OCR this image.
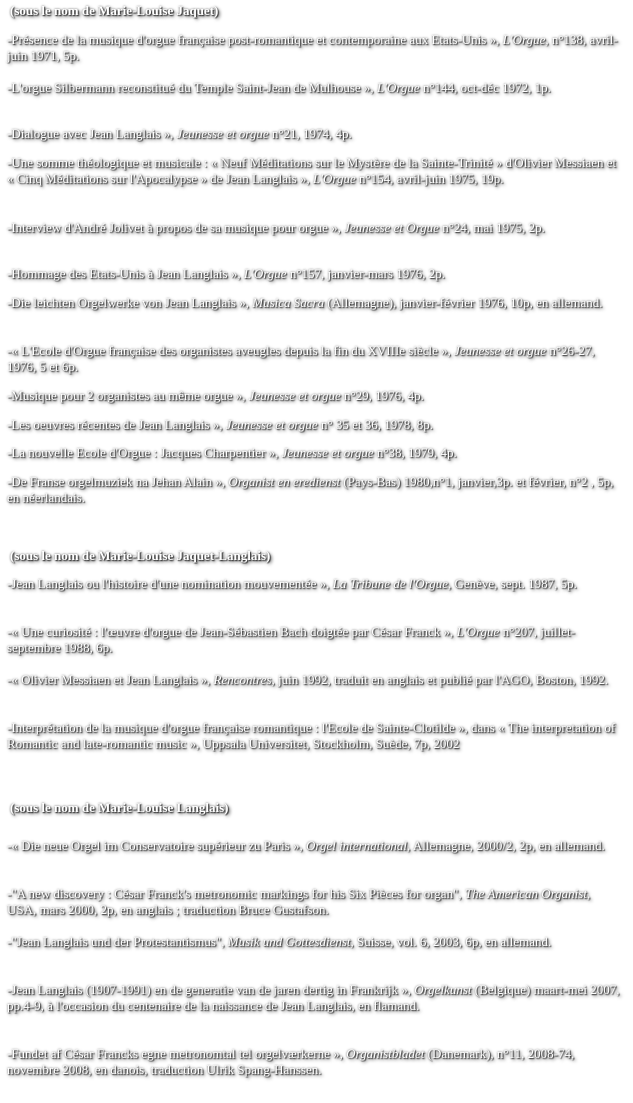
(sous le nom de Marie-Louise Jaquet)

-Présence de la musique d'orgue française post-romantique et contemporaine aux Etats-Unis », L'Orgue, n°138, avril-juin 1971, 5p.

-L'orgue Silbermann reconstitué du Temple Saint-Jean de Mulhouse », L'Orgue n°144, oct-déc 1972, 1p.

-Dialogue avec Jean Langlais », Jeunesse et orgue n°21, 1974, 4p.

-Une somme théologique et musicale : « Neuf Méditations sur le Mystère de la Sainte-Trinité » d'Olivier Messiaen et « Cinq Méditations sur l'Apocalypse » de Jean Langlais », L'Orgue n°154, avril-juin 1975, 19p.

-Interview d'André Jolivet à propos de sa musique pour orgue », Jeunesse et Orgue n°24, mai 1975, 2p.

-Hommage des Etats-Unis à Jean Langlais », L'Orgue n°157, janvier-mars 1976, 2p.

-Die leichten Orgelwerke von Jean Langlais », Musica Sacra (Allemagne), janvier-février 1976, 10p, en allemand.

-« L'Ecole d'Orgue française des organistes aveugles depuis la fin du XVIIIe siècle », Jeunesse et orgue n°26-27, 1976, 5 et 6p.

-Musique pour 2 organistes au même orgue », Jeunesse et orgue n°29, 1976, 4p.

-Les oeuvres récentes de Jean Langlais », Jeunesse et orgue n° 35 et 36, 1978, 8p.

-La nouvelle Ecole d'Orgue : Jacques Charpentier », Jeunesse et orgue n°38, 1979, 4p.

-De Franse orgelmuziek na Jehan Alain », Organist en eredienst (Pays-Bas) 1980,n°1, janvier,3p. et février, n°2 , 5p, en néerlandais.

(sous le nom de Marie-Louise Jaquet-Langlais)

-Jean Langlais ou l'histoire d'une nomination mouvementée », La Tribune de l'Orgue, Genève, sept. 1987, 5p.

-« Une curiosité : l'œuvre d'orgue de Jean-Sébastien Bach doigtée par César Franck », L'Orgue n°207, juillet-septembre 1988, 6p.

-« Olivier Messiaen et Jean Langlais », Rencontres, juin 1992, traduit en anglais et publié par l'AGO, Boston, 1992.

-Interprétation de la musique d'orgue française romantique : l'Ecole de Sainte-Clotilde », dans « The interpretation of Romantic and late-romantic music », Uppsala Universitet, Stockholm, Suède, 7p, 2002

(sous le nom de Marie-Louise Langlais)

-« Die neue Orgel im Conservatoire supérieur zu Paris », Orgel international, Allemagne, 2000/2, 2p, en allemand.

-"A new discovery : César Franck's metronomic markings for his Six Pièces for organ", The American Organist, USA, mars 2000, 2p, en anglais ; traduction Bruce Gustafson.

-"Jean Langlais und der Protestantismus", Musik und Gottesdienst, Suisse, vol. 6, 2003, 6p, en allemand.

-Jean Langlais (1907-1991) en de generatie van de jaren dertig in Frankrijk », Orgelkunst (Belgique) maart-mei 2007, pp.4-9, à l'occasion du centenaire de la naissance de Jean Langlais, en flamand.

-Fundet af César Francks egne metronomtal tel orgelværkerne », Organistbladet (Danemark), n°11, 2008-74, novembre 2008, en danois, traduction Ulrik Spang-Hanssen.
